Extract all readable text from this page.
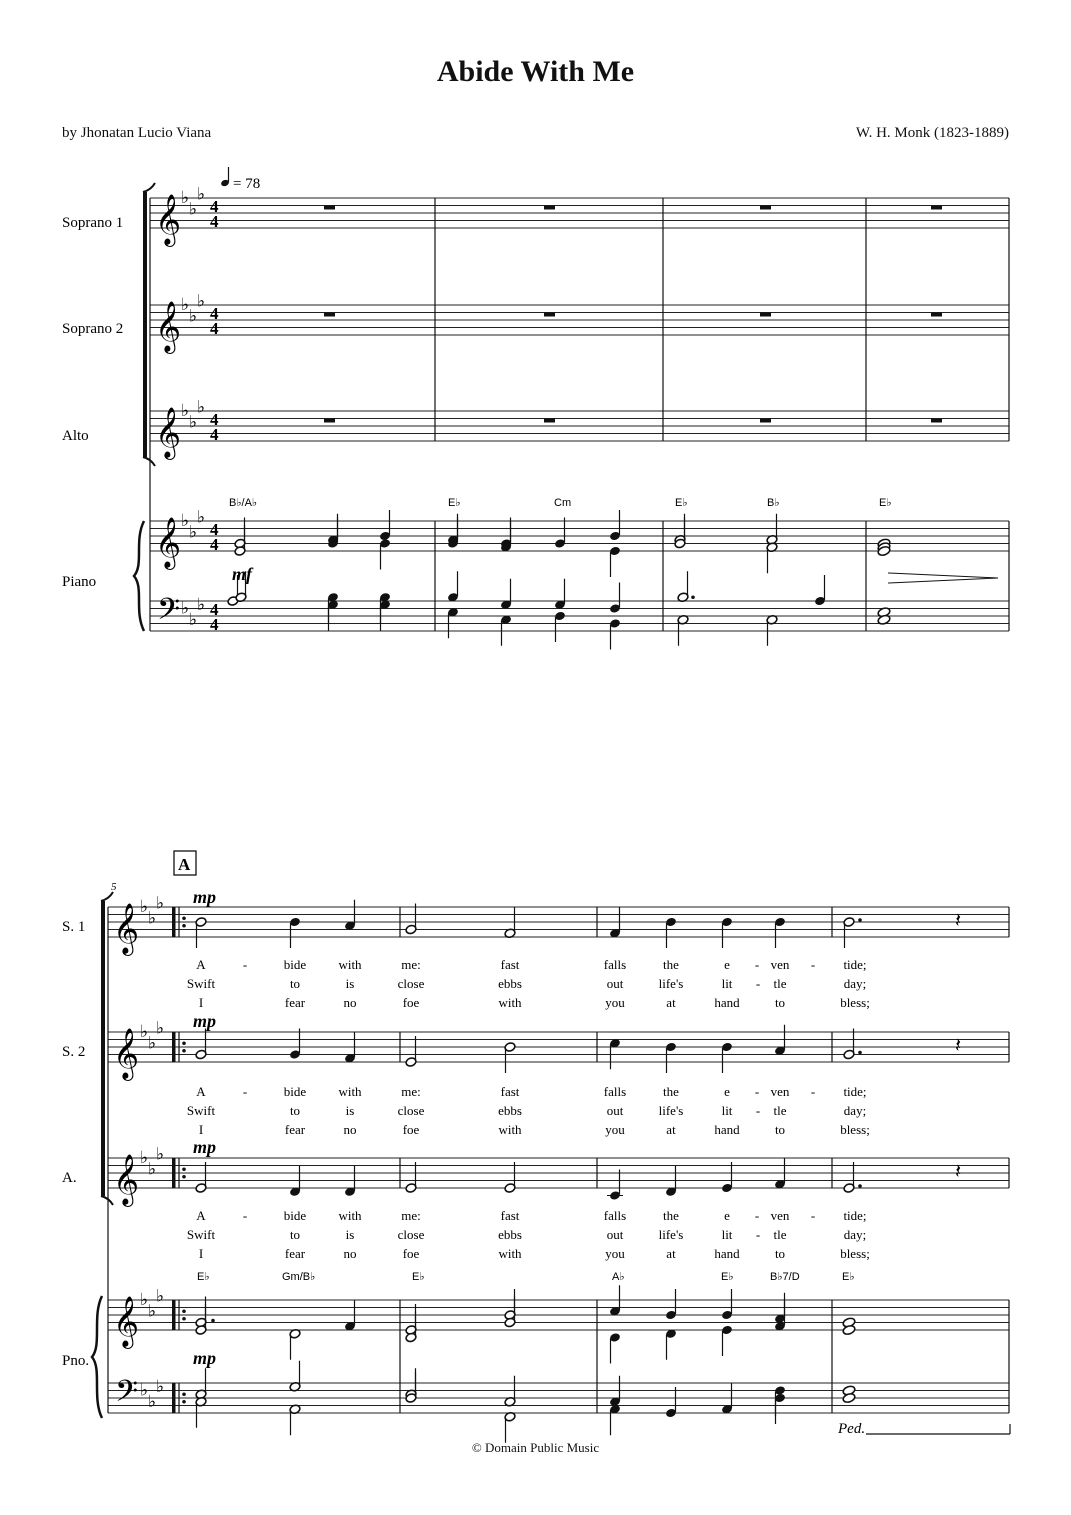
Abide With Me
by Jhonatan Lucio Viana	W. H. Monk (1823-1889)
𝄞 ♭
♭
♭
4
4
𝄞 ♭
♭
♭
4
4
𝄞 ♭
♭
♭
4
4
𝄞 ♭
♭
♭
4
4
𝄢 ♭
♭
♭ 4
4
𝄞 ♭
♭
♭
𝄞 ♭
♭
♭
𝄞 ♭
♭
♭
𝄞 ♭
♭
♭
𝄢 ♭
♭
♭
𝄽
𝄽
𝄽
= 78
Soprano 1
Soprano 2
Alto
Piano	mf
B♭/A♭	E♭	Cm	E♭	B♭	E♭
5
A
S. 1
S. 2
A.
Pno.
mp
mp
mp
mp
E♭	Gm/B♭	E♭	A♭	E♭	B♭7/D	E♭
Ped.
A	-	bide with	me:	fast	falls	the	e - ven - tide;
Swift	to	is	close	ebbs	out	life's	lit - tle	day;
I	fear	no	foe	with	you	at	hand	to	bless;
A	-	bide with	me:	fast	falls	the	e - ven - tide;
Swift	to	is	close	ebbs	out	life's	lit - tle	day;
I	fear	no	foe	with	you	at	hand	to	bless;
A	-	bide with	me:	fast	falls	the	e - ven - tide;
Swift	to	is	close	ebbs	out	life's	lit - tle	day;
I	fear	no	foe	with	you	at	hand	to	bless;
© Domain Public Music
